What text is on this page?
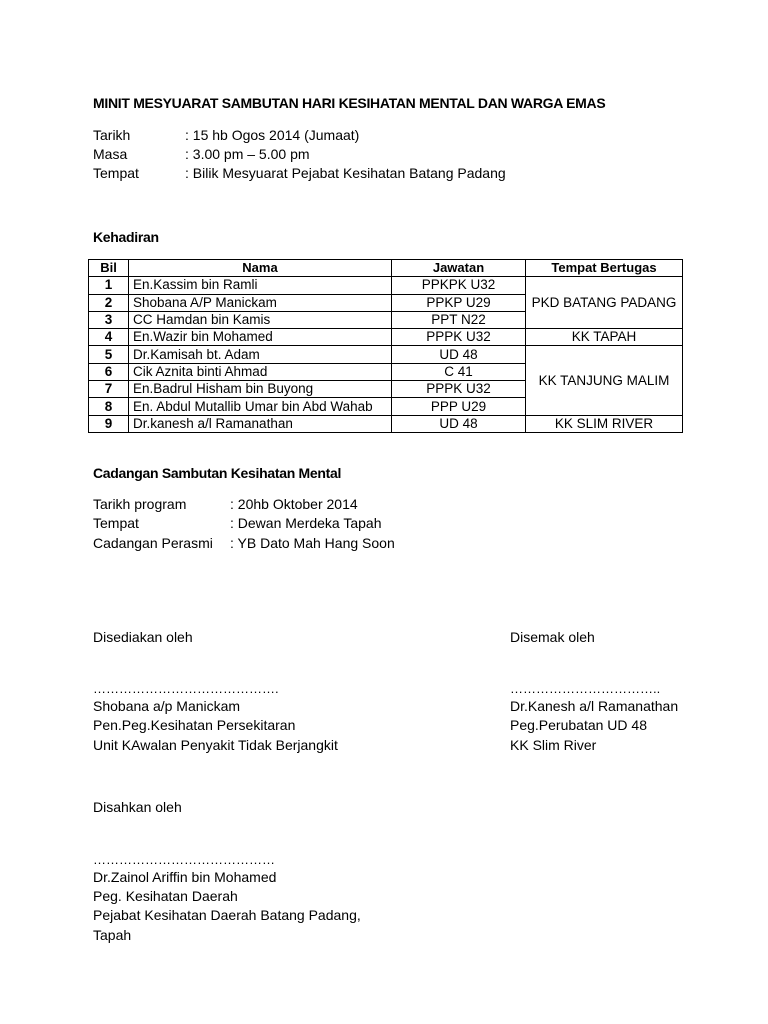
MINIT MESYUARAT SAMBUTAN HARI KESIHATAN MENTAL DAN WARGA EMAS
Tarikh	: 15 hb Ogos 2014 (Jumaat)
Masa	: 3.00 pm – 5.00 pm
Tempat	: Bilik Mesyuarat Pejabat Kesihatan Batang Padang
Kehadiran
Bil	Nama	Jawatan	Tempat Bertugas
1	En.Kassim bin Ramli	PPKPK U32	PKD BATANG PADANG
2	Shobana A/P Manickam	PPKP U29	
3	CC Hamdan bin Kamis	PPT N22	
4	En.Wazir bin Mohamed	PPPK U32	KK TAPAH
5	Dr.Kamisah bt. Adam	UD 48	KK TANJUNG MALIM
6	Cik Aznita binti Ahmad	C 41	
7	En.Badrul Hisham bin Buyong	PPPK U32	
8	En. Abdul Mutallib Umar bin Abd Wahab	PPP U29	
9	Dr.kanesh a/l Ramanathan	UD 48	KK SLIM RIVER
Cadangan Sambutan Kesihatan Mental
Tarikh program	: 20hb Oktober 2014
Tempat	: Dewan Merdeka Tapah
Cadangan Perasmi : YB Dato Mah Hang Soon
Disediakan oleh
…………………………………….
Shobana a/p Manickam
Pen.Peg.Kesihatan Persekitaran
Unit KAwalan Penyakit Tidak Berjangkit
Disemak oleh
……………………………..
Dr.Kanesh a/l Ramanathan
Peg.Perubatan UD 48
KK Slim River
Disahkan oleh
……………………………………
Dr.Zainol Ariffin bin Mohamed
Peg. Kesihatan Daerah
Pejabat Kesihatan Daerah Batang Padang,
Tapah
